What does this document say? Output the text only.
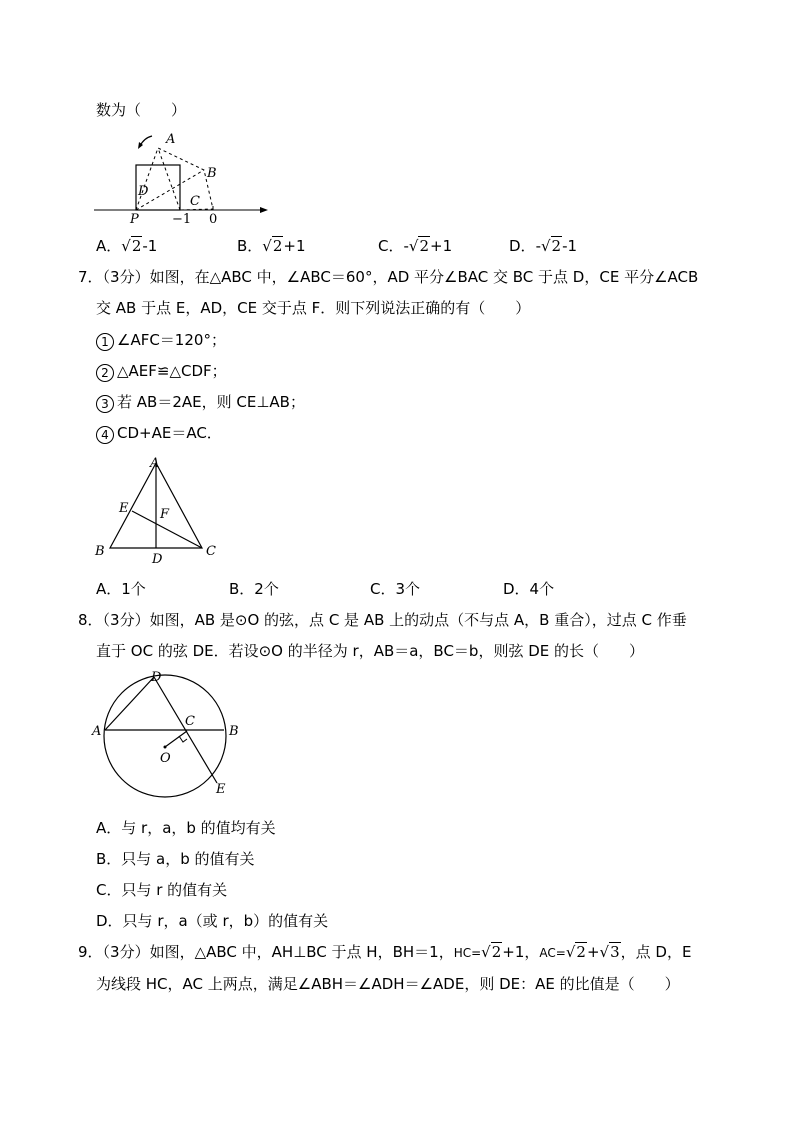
数为（　　）
A
B
C
D
P	−1 0
A．√2-1	B．√2+1	C．-√2+1	D．-√2-1
7．（3分）如图，在△ABC 中，∠ABC＝60°，AD 平分∠BAC 交 BC 于点 D，CE 平分∠ACB
交 AB 于点 E，AD，CE 交于点 F．则下列说法正确的有（　　）
1 ∠AFC＝120°；
2 △AEF≌△CDF；
3 若 AB＝2AE，则 CE⊥AB；
4 CD+AE＝AC．
A
B	C
D
E F
A．1个	B．2个	C．3个	D．4个
8．（3分）如图，AB 是⊙O 的弦，点 C 是 AB 上的动点（不与点 A，B 重合），过点 C 作垂
直于 OC 的弦 DE．若设⊙O 的半径为 r，AB＝a，BC＝b，则弦 DE 的长（　　）
A	B
C
D
E
O
A．与 r，a，b 的值均有关
B．只与 a，b 的值有关
C．只与 r 的值有关
D．只与 r，a（或 r，b）的值有关
9．（3分）如图，△ABC 中，AH⊥BC 于点 H，BH＝1，HC=√2+1，AC=√2+√3，点 D，E
为线段 HC，AC 上两点，满足∠ABH＝∠ADH＝∠ADE，则 DE：AE 的比值是（　　）
